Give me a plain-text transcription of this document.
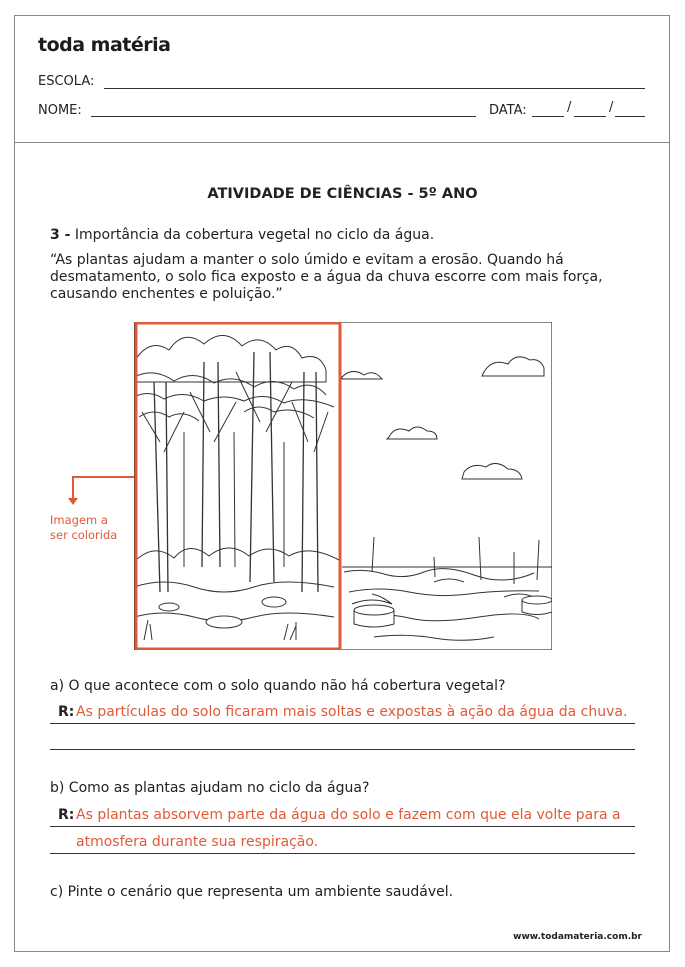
toda matéria
ESCOLA:
NOME:	DATA:	/	/
ATIVIDADE DE CIÊNCIAS - 5º ANO
3 - Importância da cobertura vegetal no ciclo da água.
“As plantas ajudam a manter o solo úmido e evitam a erosão. Quando há
desmatamento, o solo fica exposto e a água da chuva escorre com mais força,
causando enchentes e poluição.”
Imagem a
ser colorida
a) O que acontece com o solo quando não há cobertura vegetal?
R: As partículas do solo ficaram mais soltas e expostas à ação da água da chuva.
b) Como as plantas ajudam no ciclo da água?
R: As plantas absorvem parte da água do solo e fazem com que ela volte para a
atmosfera durante sua respiração.
c) Pinte o cenário que representa um ambiente saudável.
www.todamateria.com.br
